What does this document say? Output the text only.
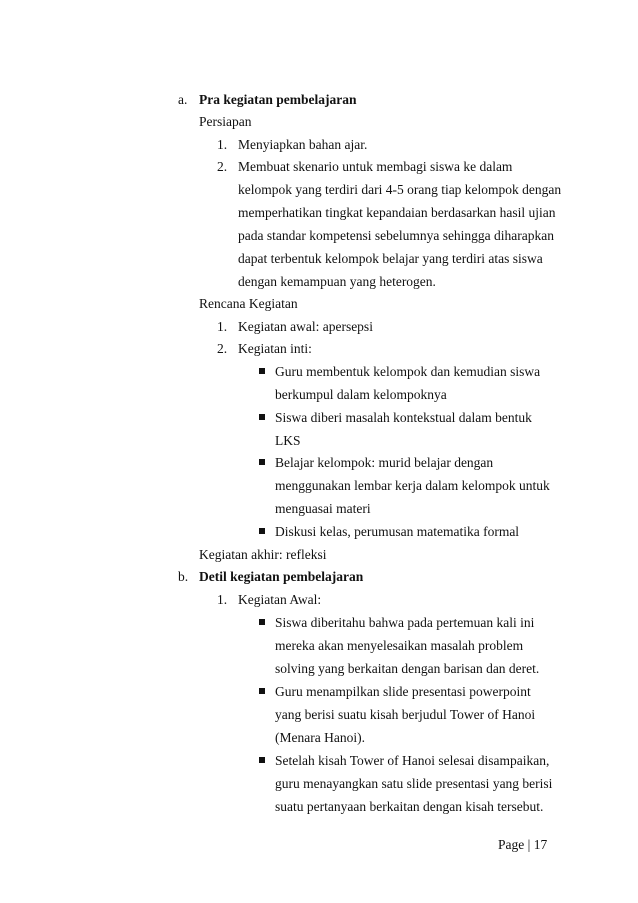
a. Pra kegiatan pembelajaran
Persiapan
1. Menyiapkan bahan ajar.
2. Membuat skenario untuk membagi siswa ke dalam
kelompok yang terdiri dari 4-5 orang tiap kelompok dengan
memperhatikan tingkat kepandaian berdasarkan hasil ujian
pada standar kompetensi sebelumnya sehingga diharapkan
dapat terbentuk kelompok belajar yang terdiri atas siswa
dengan kemampuan yang heterogen.
Rencana Kegiatan
1. Kegiatan awal: apersepsi
2. Kegiatan inti:
Guru membentuk kelompok dan kemudian siswa
berkumpul dalam kelompoknya
Siswa diberi masalah kontekstual dalam bentuk
LKS
Belajar kelompok: murid belajar dengan
menggunakan lembar kerja dalam kelompok untuk
menguasai materi
Diskusi kelas, perumusan matematika formal
Kegiatan akhir: refleksi
b. Detil kegiatan pembelajaran
1. Kegiatan Awal:
Siswa diberitahu bahwa pada pertemuan kali ini
mereka akan menyelesaikan masalah problem
solving yang berkaitan dengan barisan dan deret.
Guru menampilkan slide presentasi powerpoint
yang berisi suatu kisah berjudul Tower of Hanoi
(Menara Hanoi).
Setelah kisah Tower of Hanoi selesai disampaikan,
guru menayangkan satu slide presentasi yang berisi
suatu pertanyaan berkaitan dengan kisah tersebut.
Page | 17
